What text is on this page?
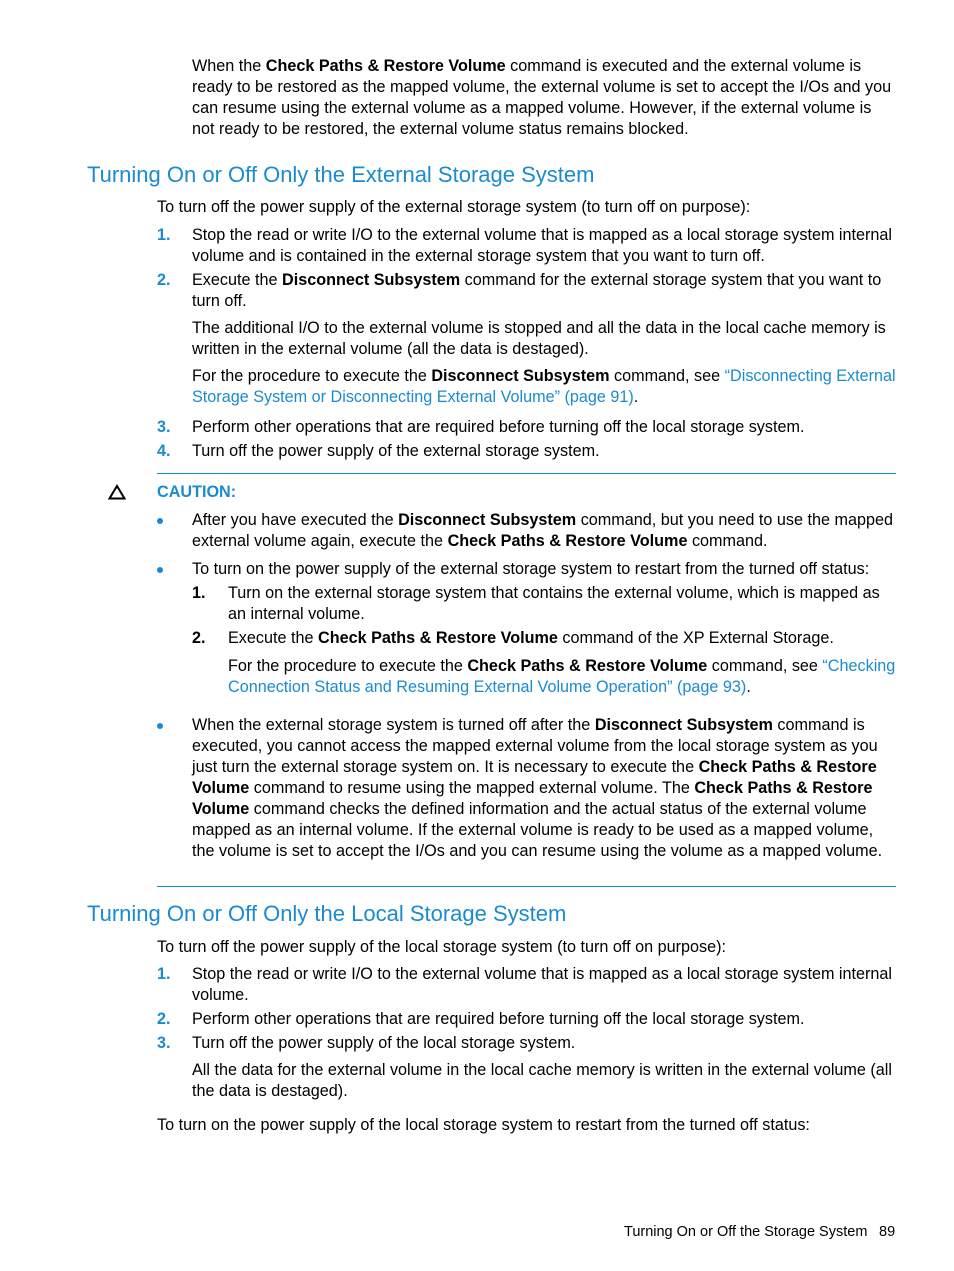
When the Check Paths & Restore Volume command is executed and the external volume is ready to be restored as the mapped volume, the external volume is set to accept the I/Os and you can resume using the external volume as a mapped volume. However, if the external volume is not ready to be restored, the external volume status remains blocked.

Turning On or Off Only the External Storage System

To turn off the power supply of the external storage system (to turn off on purpose):

1. Stop the read or write I/O to the external volume that is mapped as a local storage system internal volume and is contained in the external storage system that you want to turn off.

2. Execute the Disconnect Subsystem command for the external storage system that you want to turn off.

The additional I/O to the external volume is stopped and all the data in the local cache memory is written in the external volume (all the data is destaged).

For the procedure to execute the Disconnect Subsystem command, see “Disconnecting External Storage System or Disconnecting External Volume” (page 91).

3. Perform other operations that are required before turning off the local storage system.

4. Turn off the power supply of the external storage system.

CAUTION:

After you have executed the Disconnect Subsystem command, but you need to use the mapped external volume again, execute the Check Paths & Restore Volume command.

To turn on the power supply of the external storage system to restart from the turned off status:

1. Turn on the external storage system that contains the external volume, which is mapped as an internal volume.

2. Execute the Check Paths & Restore Volume command of the XP External Storage.

For the procedure to execute the Check Paths & Restore Volume command, see “Checking Connection Status and Resuming External Volume Operation” (page 93).

When the external storage system is turned off after the Disconnect Subsystem command is executed, you cannot access the mapped external volume from the local storage system as you just turn the external storage system on. It is necessary to execute the Check Paths & Restore Volume command to resume using the mapped external volume. The Check Paths & Restore Volume command checks the defined information and the actual status of the external volume mapped as an internal volume. If the external volume is ready to be used as a mapped volume, the volume is set to accept the I/Os and you can resume using the volume as a mapped volume.

Turning On or Off Only the Local Storage System

To turn off the power supply of the local storage system (to turn off on purpose):

1. Stop the read or write I/O to the external volume that is mapped as a local storage system internal volume.

2. Perform other operations that are required before turning off the local storage system.

3. Turn off the power supply of the local storage system.

All the data for the external volume in the local cache memory is written in the external volume (all the data is destaged).

To turn on the power supply of the local storage system to restart from the turned off status:

Turning On or Off the Storage System 89
